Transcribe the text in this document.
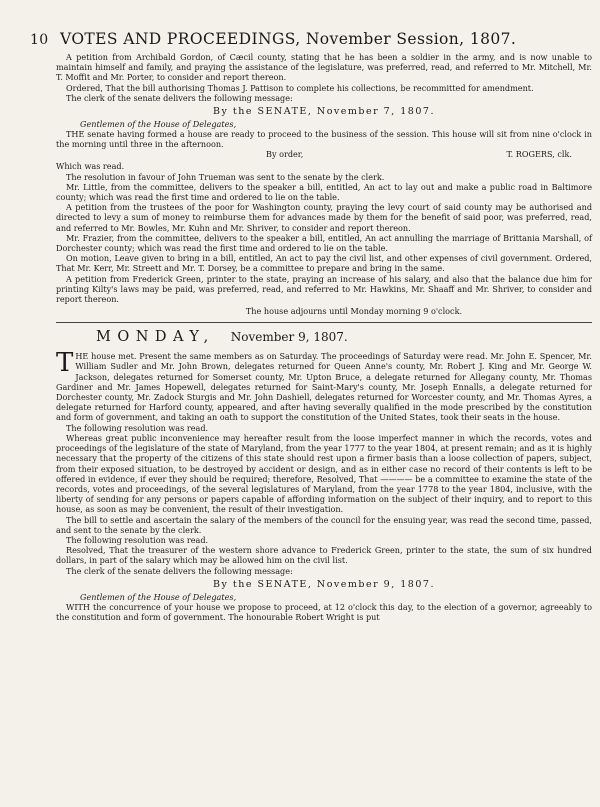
10 VOTES AND PROCEEDINGS, November Session, 1807.

A petition from Archibald Gordon, of Cæcil county, stating that he has been a soldier in the army, and is now unable to maintain himself and family, and praying the assistance of the legislature, was preferred, read, and referred to Mr. Mitchell, Mr. T. Moffit and Mr. Porter, to consider and report thereon.

Ordered, That the bill authorising Thomas J. Pattison to complete his collections, be recommitted for amendment.

The clerk of the senate delivers the following message:

By the SENATE, November 7, 1807.
Gentlemen of the House of Delegates,

THE senate having formed a house are ready to proceed to the business of the session. This house will sit from nine o'clock in the morning until three in the afternoon.

By order,	T. ROGERS, clk.

Which was read.

The resolution in favour of John Trueman was sent to the senate by the clerk.

Mr. Little, from the committee, delivers to the speaker a bill, entitled, An act to lay out and make a public road in Baltimore county; which was read the first time and ordered to lie on the table.

A petition from the trustees of the poor for Washington county, praying the levy court of said county may be authorised and directed to levy a sum of money to reimburse them for advances made by them for the benefit of said poor, was preferred, read, and referred to Mr. Bowles, Mr. Kuhn and Mr. Shriver, to consider and report thereon.

Mr. Frazier, from the committee, delivers to the speaker a bill, entitled, An act annulling the marriage of Brittania Marshall, of Dorchester county; which was read the first time and ordered to lie on the table.

On motion, Leave given to bring in a bill, entitled, An act to pay the civil list, and other expenses of civil government. Ordered, That Mr. Kerr, Mr. Streett and Mr. T. Dorsey, be a committee to prepare and bring in the same.

A petition from Frederick Green, printer to the state, praying an increase of his salary, and also that the balance due him for printing Kilty's laws may be paid, was preferred, read, and referred to Mr. Hawkins, Mr. Shaaff and Mr. Shriver, to consider and report thereon.

The house adjourns until Monday morning 9 o'clock.
MONDAY, November 9, 1807.

THE house met. Present the same members as on Saturday. The proceedings of Saturday were read. Mr. John E. Spencer, Mr. William Sudler and Mr. John Brown, delegates returned for Queen Anne's county, Mr. Robert J. King and Mr. George W. Jackson, delegates returned for Somerset county, Mr. Upton Bruce, a delegate returned for Allegany county, Mr. Thomas Gardiner and Mr. James Hopewell, delegates returned for Saint-Mary's county, Mr. Joseph Ennalls, a delegate returned for Dorchester county, Mr. Zadock Sturgis and Mr. John Dashiell, delegates returned for Worcester county, and Mr. Thomas Ayres, a delegate returned for Harford county, appeared, and after having severally qualified in the mode prescribed by the constitution and form of government, and taking an oath to support the constitution of the United States, took their seats in the house.

The following resolution was read.

Whereas great public inconvenience may hereafter result from the loose imperfect manner in which the records, votes and proceedings of the legislature of the state of Maryland, from the year 1777 to the year 1804, at present remain; and as it is highly necessary that the property of the citizens of this state should rest upon a firmer basis than a loose collection of papers, subject, from their exposed situation, to be destroyed by accident or design, and as in either case no record of their contents is left to be offered in evidence, if ever they should be required; therefore, Resolved, That ———— be a committee to examine the state of the records, votes and proceedings, of the several legislatures of Maryland, from the year 1778 to the year 1804, inclusive, with the liberty of sending for any persons or papers capable of affording information on the subject of their inquiry, and to report to this house, as soon as may be convenient, the result of their investigation.

The bill to settle and ascertain the salary of the members of the council for the ensuing year, was read the second time, passed, and sent to the senate by the clerk.

The following resolution was read.

Resolved, That the treasurer of the western shore advance to Frederick Green, printer to the state, the sum of six hundred dollars, in part of the salary which may be allowed him on the civil list.

The clerk of the senate delivers the following message:

By the SENATE, November 9, 1807.
Gentlemen of the House of Delegates,

WITH the concurrence of your house we propose to proceed, at 12 o'clock this day, to the election of a governor, agreeably to the constitution and form of government. The honourable Robert Wright is put
